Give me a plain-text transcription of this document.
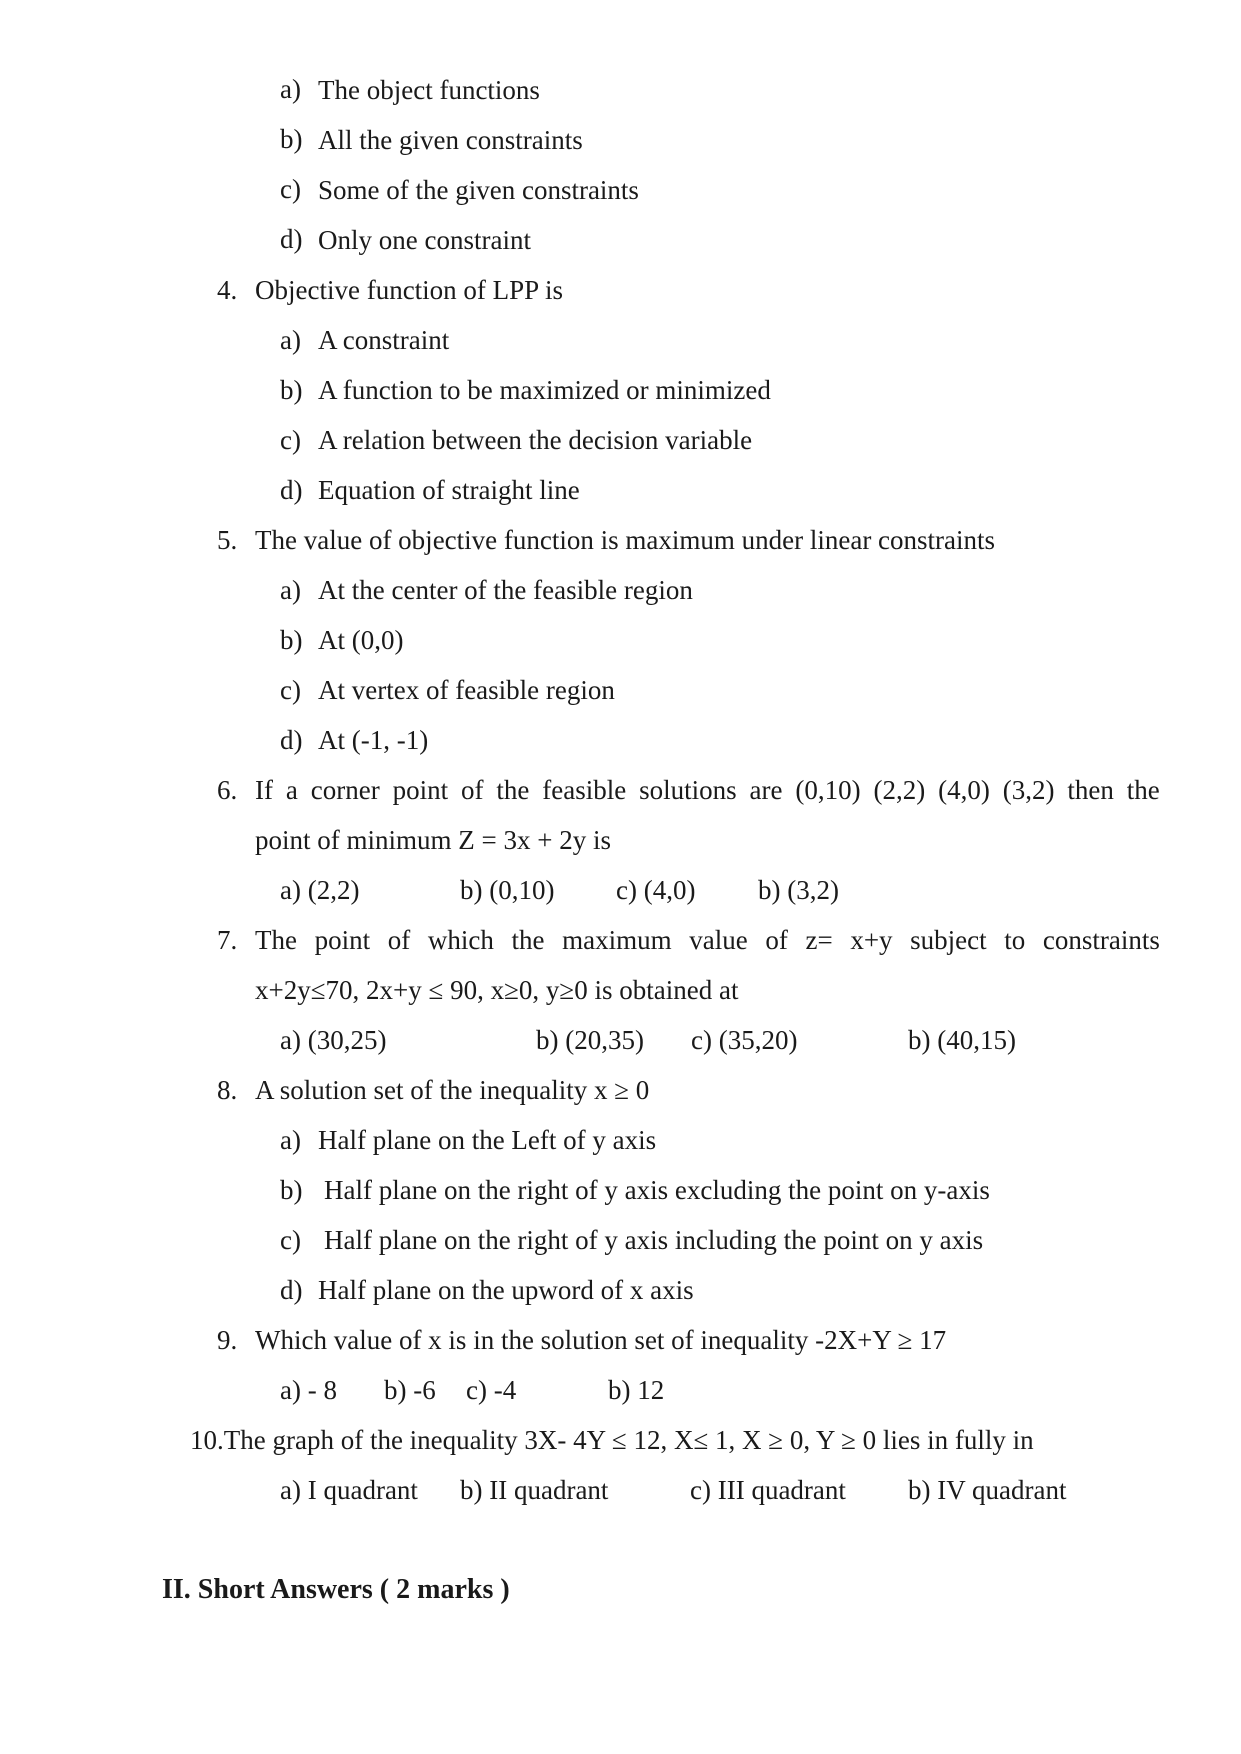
a) The object functions
b) All the given constraints
c) Some of the given constraints
d) Only one constraint
4. Objective function of LPP is
a) A constraint
b) A function to be maximized or minimized
c) A relation between the decision variable
d) Equation of straight line
5. The value of objective function is maximum under linear constraints
a) At the center of the feasible region
b) At (0,0)
c) At vertex of feasible region
d) At (-1, -1)
6. If a corner point of the feasible solutions are (0,10) (2,2) (4,0) (3,2) then the
point of minimum Z = 3x + 2y is
a) (2,2)	b) (0,10) c) (4,0) b) (3,2)
7. The point of which the maximum value of z= x+y subject to constraints
x+2y≤70, 2x+y ≤ 90, x≥0, y≥0 is obtained at
a) (30,25)	b) (20,35) c) (35,20)	b) (40,15)
8. A solution set of the inequality x ≥ 0
a) Half plane on the Left of y axis
b) Half plane on the right of y axis excluding the point on y-axis
c) Half plane on the right of y axis including the point on y axis
d) Half plane on the upword of x axis
9. Which value of x is in the solution set of inequality -2X+Y ≥ 17
a) - 8 b) -6 c) -4	b) 12
10.The graph of the inequality 3X- 4Y ≤ 12, X≤ 1, X ≥ 0, Y ≥ 0 lies in fully in
a) I quadrant b) II quadrant	c) III quadrant b) IV quadrant
II. Short Answers ( 2 marks )
